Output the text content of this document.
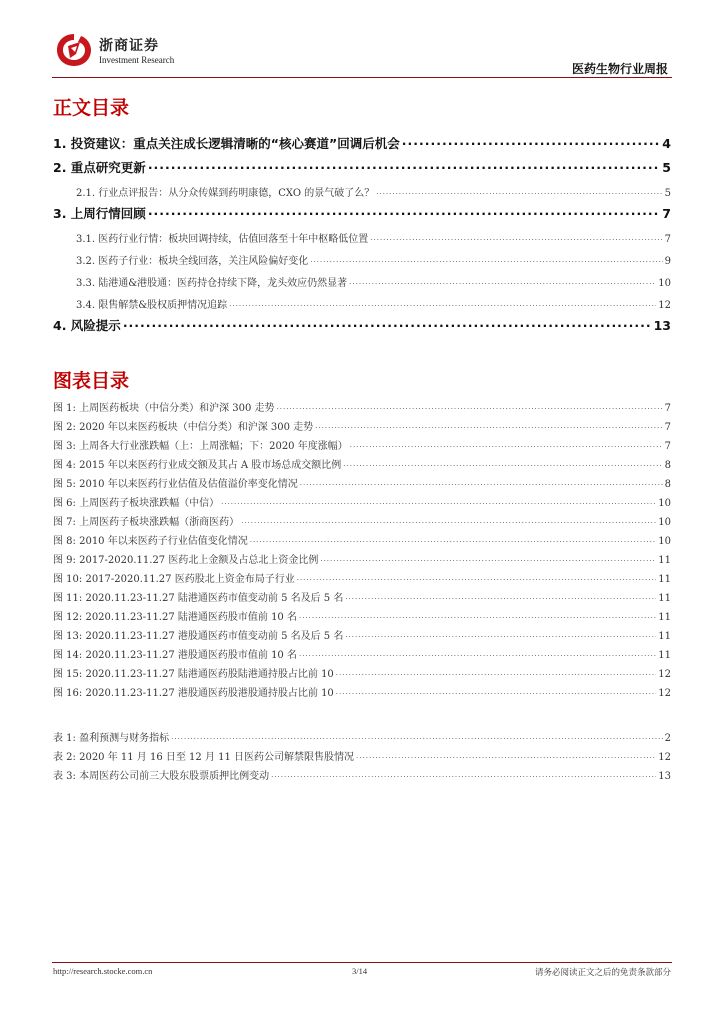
浙商证券
Investment Research
医药生物行业周报
正文目录
1. 投资建议：重点关注成长逻辑清晰的“核心赛道”回调后机会 .....	4
2. 重点研究更新 .....	5
2.1. 行业点评报告：从分众传媒到药明康德，CXO 的景气破了么？ .....	5
3. 上周行情回顾 .....	7
3.1. 医药行业行情：板块回调持续，估值回落至十年中枢略低位置 .....	7
3.2. 医药子行业：板块全线回落，关注风险偏好变化 .....	9
3.3. 陆港通&港股通：医药持仓持续下降，龙头效应仍然显著 .....	10
3.4. 限售解禁&股权质押情况追踪 .....	12
4. 风险提示 .....	13
图表目录
图 1: 上周医药板块（中信分类）和沪深 300 走势 .....	7
图 2: 2020 年以来医药板块（中信分类）和沪深 300 走势 .....	7
图 3: 上周各大行业涨跌幅（上：上周涨幅；下：2020 年度涨幅） .....	7
图 4: 2015 年以来医药行业成交额及其占 A 股市场总成交额比例 .....	8
图 5: 2010 年以来医药行业估值及估值溢价率变化情况 .....	8
图 6: 上周医药子板块涨跌幅（中信） .....	10
图 7: 上周医药子板块涨跌幅（浙商医药） .....	10
图 8: 2010 年以来医药子行业估值变化情况 .....	10
图 9: 2017-2020.11.27 医药北上金额及占总北上资金比例 .....	11
图 10: 2017-2020.11.27 医药股北上资金布局子行业 .....	11
图 11: 2020.11.23-11.27 陆港通医药市值变动前 5 名及后 5 名 .....	11
图 12: 2020.11.23-11.27 陆港通医药股市值前 10 名 .....	11
图 13: 2020.11.23-11.27 港股通医药市值变动前 5 名及后 5 名 .....	11
图 14: 2020.11.23-11.27 港股通医药股市值前 10 名 .....	11
图 15: 2020.11.23-11.27 陆港通医药股陆港通持股占比前 10 .....	12
图 16: 2020.11.23-11.27 港股通医药股港股通持股占比前 10 .....	12
表 1: 盈利预测与财务指标 .....	2
表 2: 2020 年 11 月 16 日至 12 月 11 日医药公司解禁限售股情况 .....	12
表 3: 本周医药公司前三大股东股票质押比例变动 .....	13
http://research.stocke.com.cn	3/14	请务必阅读正文之后的免责条款部分
